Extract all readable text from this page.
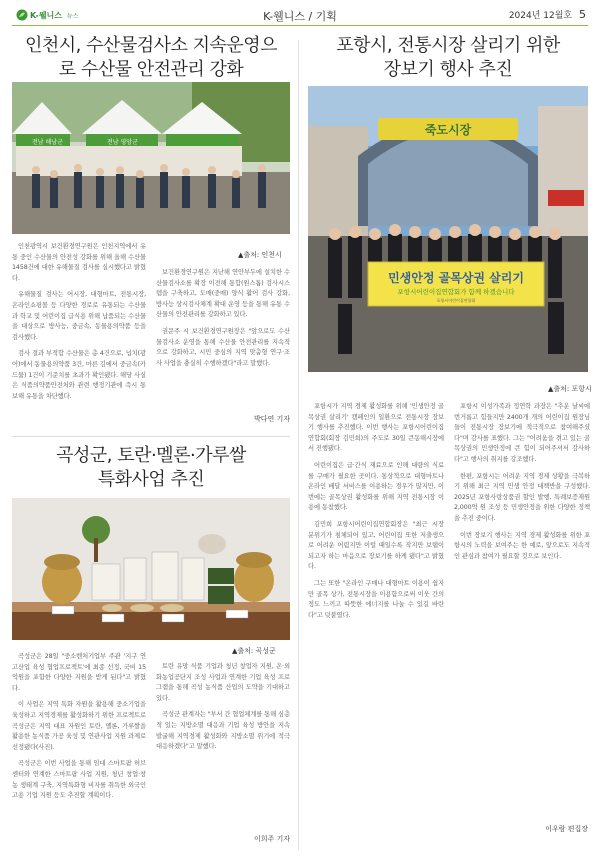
K-웰니스 뉴스	K-웰니스 / 기획	2024년 12월호 5
인천시, 수산물검사소 지속운영으
로 수산물 안전관리 강화
전남 해남군	전남 영암군
▲출처: 인천시

인천광역시 보건환경연구원은 인천지역에서 유통 중인 수산물의 안전성 강화를 위해 올해 수산물 1458건에 대한 유해물질 검사를 실시했다고 밝혔다.

유해물질 검사는 어시장, 대형마트, 전통시장, 온라인쇼핑몰 등 다양한 경로로 유통되는 수산물과 학교 및 어린이집 급식용 위해 납품되는 수산물을 대상으로 방사능, 중금속, 동물용의약품 등을 검사했다.

검사 결과 부적합 수산물은 총 4건으로, 넙치(광어)에서 동물용의약품 3건, 마른 김에서 중금속(카드뮴) 1건이 기준치를 초과가 확인됐다. 해당 사실은 식품의약품안전처와 관련 행정기관에 즉시 통보해 유통을 차단했다.

보건환경연구원은 지난해 연안부두에 설치한 수산물검사소를 확장 이전해 통합(원스톱) 검사시스템을 구축하고, 도매(중매) 양식 활어 검사 강화, 방사능 상시검사체계 확대 운영 등을 통해 유통 수산물의 안전관리를 강화하고 있다.

권문주 시 보건환경연구원장은 "앞으로도 수산물검사소 운영을 통해 수산물 안전관리를 지속적으로 강화하고, 시민 중심의 지역 맞춤형 연구·조사 사업을 충실히 수행하겠다"라고 말했다.

박다연 기자
곡성군, 토란·멜론·가루쌀
특화사업 추진
▲출처: 곡성군

곡성군은 28일 "중소벤처기업부 주관 '지구 연고산업 육성 협업프로젝트'에 최종 선정, 국비 15억원을 포함한 다양한 지원을 받게 된다"고 밝혔다.

이 사업은 지역 특화 자원을 활용해 중소기업을 육성하고 지역경제를 활성화하기 위한 프로젝트로 곡성군은 지역 대표 자원인 토란, 멜론, 가루쌀을 활용한 농식품 가공 육성 및 연관사업 지원 과제로 선정됐다(사진).

곡성군은 이번 사업을 통해 임대 스마트팜 허브센터와 연계한 스마트팜 사업 지원, 청년 창업·창농 생태계 구축, 지역특화형 비자를 취득한 외국인 고용 기업 지원 등도 추진할 계획이다.

토란 유망 식품 기업과 청년 창업자 지원, 온·외화농업공단지 조성 사업과 연계한 기업 육성 프로그램을 통해 곡성 농식품 산업의 도약을 기대하고 있다.

곡성군 관계자는 "부서 간 협업체계를 통해 심층적 있는 지방소멸 대응과 기업 육성 방안을 지속 발굴해 지역경제 활성화와 지방소멸 위기에 적극 대응하겠다"고 말했다.

이희주 기자
포항시, 전통시장 살리기 위한
장보기 행사 추진
죽도시장
민생안정 골목상권 살리기
포항시어린이집연합회가 함께 하겠습니다
포항시어린이집연합회
▲출처: 포항시

포항시가 지역 경제 활성화를 위해 '민생안정 골목상권 살리기' 캠페인의 일환으로 전통시장 장보기 행사를 추진했다. 이번 행사는 포항시어린이집연합회(회장 김민희)의 주도로 30일 큰동해시장에서 진행됐다.

어린이집은 급·간식 재료으로 인해 대량의 식료를 구매가 필요한 곳이다. 통상적으로 대형마트나 온라인 배달 서비스를 이용하는 경우가 많지만, 이번에는 골목상권 활성화를 위해 지역 전통시장 이용에 동참했다.

김민희 포항시어린이집연합회장은 "최근 시장 분위기가 침체되어 있고, 어린이집 또한 저출생으로 어려운 어렴지만 이럴 때일수록 작지만 보탬이 되고자 하는 마음으로 장보기를 하게 됐다"고 밝혔다.

그는 또한 "온라인 구매나 대형마트 이용이 쉽지만 골목 상가, 전통시장을 이용함으로써 이웃 간의 정도 느끼고 따뜻한 에너지를 나눌 수 있길 바란다"고 덧붙였다.

포항시 이성가족과 정연학 과장은 "추운 날씨에 번거롭고 힘들지만 2400개 개의 어린이집 원장님들이 전통시장 장보기에 적극적으로 참여해주셨다"며 감사를 표했다. 그는 "어려움을 겪고 있는 골목상권의 민생안정에 큰 힘이 되어주셔서 감사하다"고 행사의 취지를 강조했다.

한편, 포항시는 어려운 지역 경제 상황을 극복하기 위해 최근 지역 민생 안정 대책반을 구성했다. 2025년 포항사랑상품권 할인 발행, 특례보증재원 2,000억 원 조성 등 민생안정을 위한 다양한 정책을 추진 중이다.

이번 장보기 행사는 지역 경제 활성화를 위한 포항시의 노력을 보여주는 한 예로, 앞으로도 지속적인 관심과 참여가 필요할 것으로 보인다.

이우람 편집장
